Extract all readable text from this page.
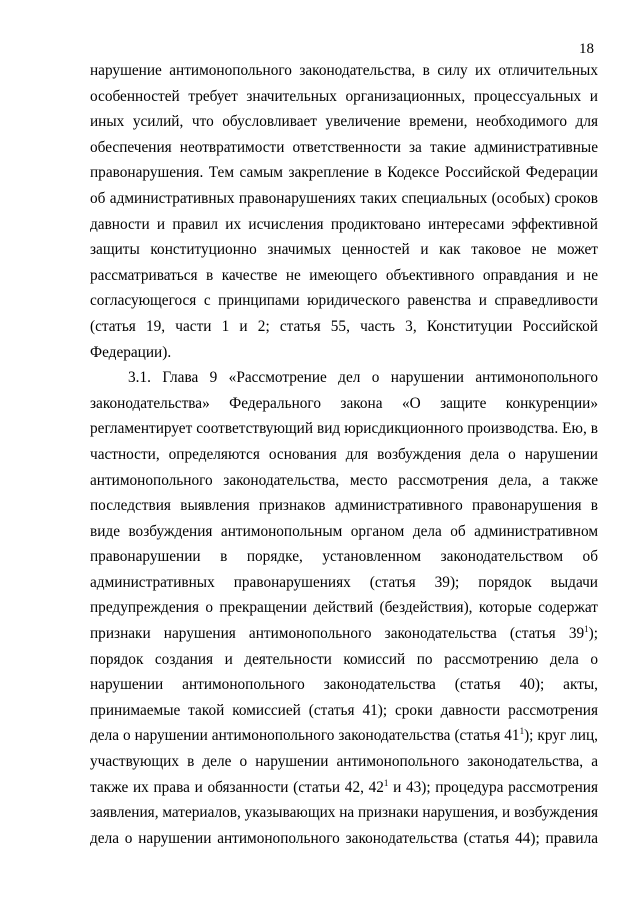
18
нарушение антимонопольного законодательства, в силу их отличительных
особенностей требует значительных организационных, процессуальных и
иных усилий, что обусловливает увеличение времени, необходимого для
обеспечения неотвратимости ответственности за такие административные
правонарушения. Тем самым закрепление в Кодексе Российской Федерации
об административных правонарушениях таких специальных (особых) сроков
давности и правил их исчисления продиктовано интересами эффективной
защиты конституционно значимых ценностей и как таковое не может
рассматриваться в качестве не имеющего объективного оправдания и не
согласующегося с принципами юридического равенства и справедливости
(статья 19, части 1 и 2; статья 55, часть 3, Конституции Российской
Федерации).
3.1. Глава 9 «Рассмотрение дел о нарушении антимонопольного
законодательства» Федерального закона «О защите конкуренции»
регламентирует соответствующий вид юрисдикционного производства. Ею, в
частности, определяются основания для возбуждения дела о нарушении
антимонопольного законодательства, место рассмотрения дела, а также
последствия выявления признаков административного правонарушения в
виде возбуждения антимонопольным органом дела об административном
правонарушении в порядке, установленном законодательством об
административных правонарушениях (статья 39); порядок выдачи
предупреждения о прекращении действий (бездействия), которые содержат
признаки нарушения антимонопольного законодательства (статья $39^1$);
порядок создания и деятельности комиссий по рассмотрению дела о
нарушении антимонопольного законодательства (статья 40); акты,
принимаемые такой комиссией (статья 41); сроки давности рассмотрения
дела о нарушении антимонопольного законодательства (статья $41^1$); круг лиц,
участвующих в деле о нарушении антимонопольного законодательства, а
также их права и обязанности (статьи 42, $42^1$ и 43); процедура рассмотрения
заявления, материалов, указывающих на признаки нарушения, и возбуждения
дела о нарушении антимонопольного законодательства (статья 44); правила
